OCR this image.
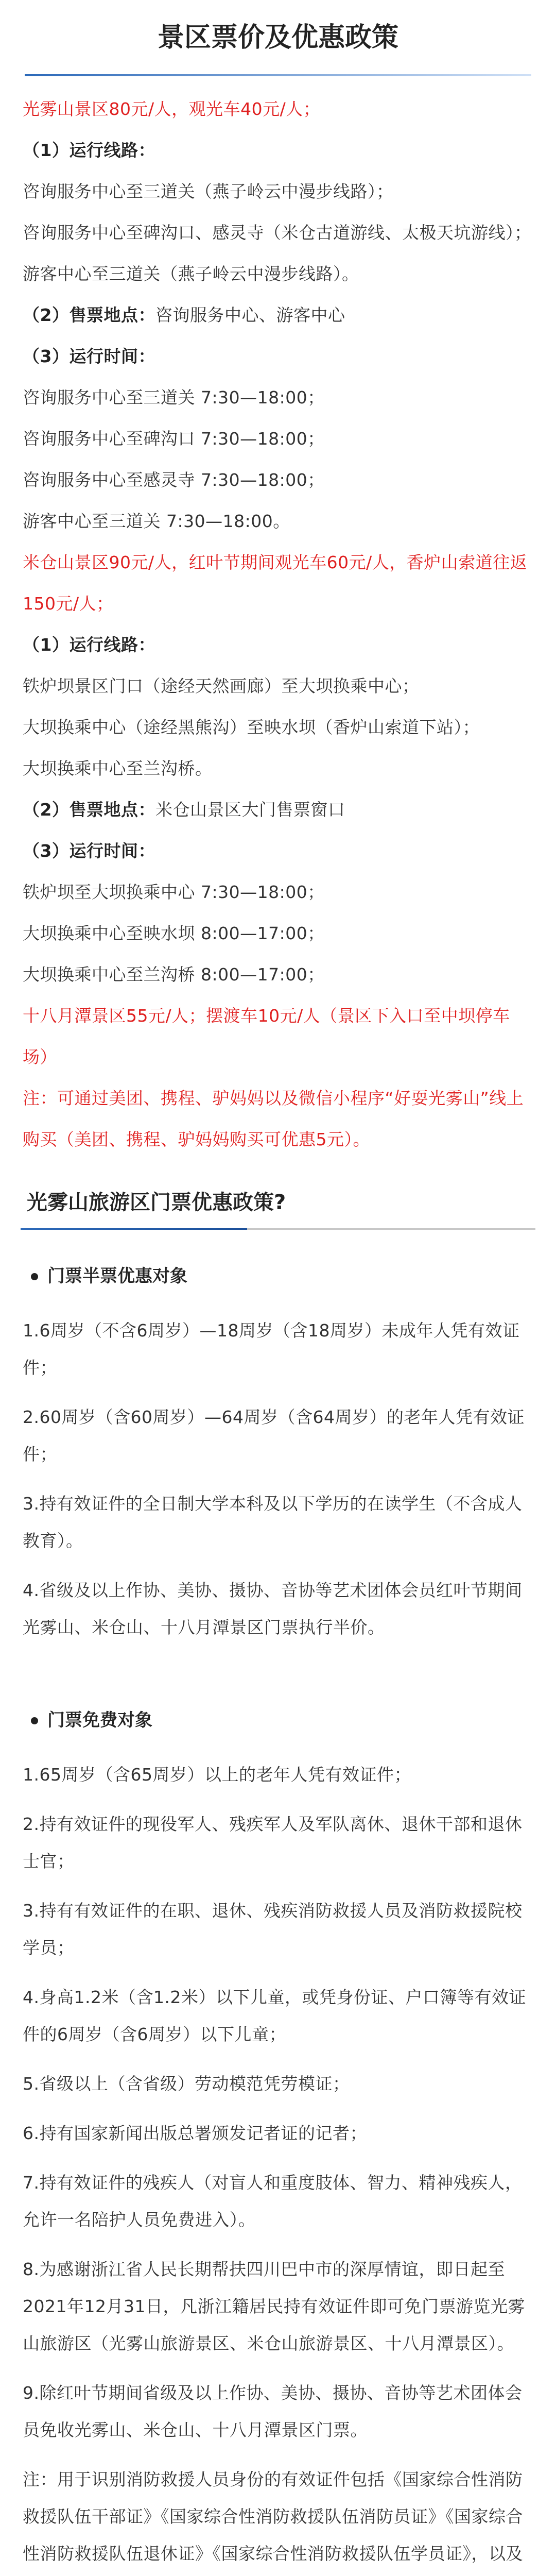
景区票价及优惠政策
光雾山景区80元/人，观光车40元/人；
（1）运行线路：
咨询服务中心至三道关（燕子岭云中漫步线路）；
咨询服务中心至碑沟口、感灵寺（米仓古道游线、太极天坑游线）；
游客中心至三道关（燕子岭云中漫步线路）。
（2）售票地点：咨询服务中心、游客中心
（3）运行时间：
咨询服务中心至三道关 7:30—18:00；
咨询服务中心至碑沟口 7:30—18:00；
咨询服务中心至感灵寺 7:30—18:00；
游客中心至三道关 7:30—18:00。
米仓山景区90元/人，红叶节期间观光车60元/人，香炉山索道往返150元/人；
（1）运行线路：
铁炉坝景区门口（途经天然画廊）至大坝换乘中心；
大坝换乘中心（途经黑熊沟）至映水坝（香炉山索道下站）；
大坝换乘中心至兰沟桥。
（2）售票地点：米仓山景区大门售票窗口
（3）运行时间：
铁炉坝至大坝换乘中心 7:30—18:00；
大坝换乘中心至映水坝 8:00—17:00；
大坝换乘中心至兰沟桥 8:00—17:00；
十八月潭景区55元/人；摆渡车10元/人（景区下入口至中坝停车场）
注：可通过美团、携程、驴妈妈以及微信小程序“好耍光雾山”线上购买（美团、携程、驴妈妈购买可优惠5元）。
光雾山旅游区门票优惠政策?
门票半票优惠对象
1.6周岁（不含6周岁）—18周岁（含18周岁）未成年人凭有效证件；
2.60周岁（含60周岁）—64周岁（含64周岁）的老年人凭有效证件；
3.持有效证件的全日制大学本科及以下学历的在读学生（不含成人教育）。
4.省级及以上作协、美协、摄协、音协等艺术团体会员红叶节期间光雾山、米仓山、十八月潭景区门票执行半价。
门票免费对象
1.65周岁（含65周岁）以上的老年人凭有效证件；
2.持有效证件的现役军人、残疾军人及军队离休、退休干部和退休士官；
3.持有有效证件的在职、退休、残疾消防救援人员及消防救援院校学员；
4.身高1.2米（含1.2米）以下儿童，或凭身份证、户口簿等有效证件的6周岁（含6周岁）以下儿童；
5.省级以上（含省级）劳动模范凭劳模证；
6.持有国家新闻出版总署颁发记者证的记者；
7.持有效证件的残疾人（对盲人和重度肢体、智力、精神残疾人，允许一名陪护人员免费进入）。
8.为感谢浙江省人民长期帮扶四川巴中市的深厚情谊，即日起至2021年12月31日，凡浙江籍居民持有效证件即可免门票游览光雾山旅游区（光雾山旅游景区、米仓山旅游景区、十八月潭景区）。
9.除红叶节期间省级及以上作协、美协、摄协、音协等艺术团体会员免收光雾山、米仓山、十八月潭景区门票。
注：用于识别消防救援人员身份的有效证件包括《国家综合性消防救援队伍干部证》《国家综合性消防救援队伍消防员证》《国家综合性消防救援队伍退休证》《国家综合性消防救援队伍学员证》，以及
